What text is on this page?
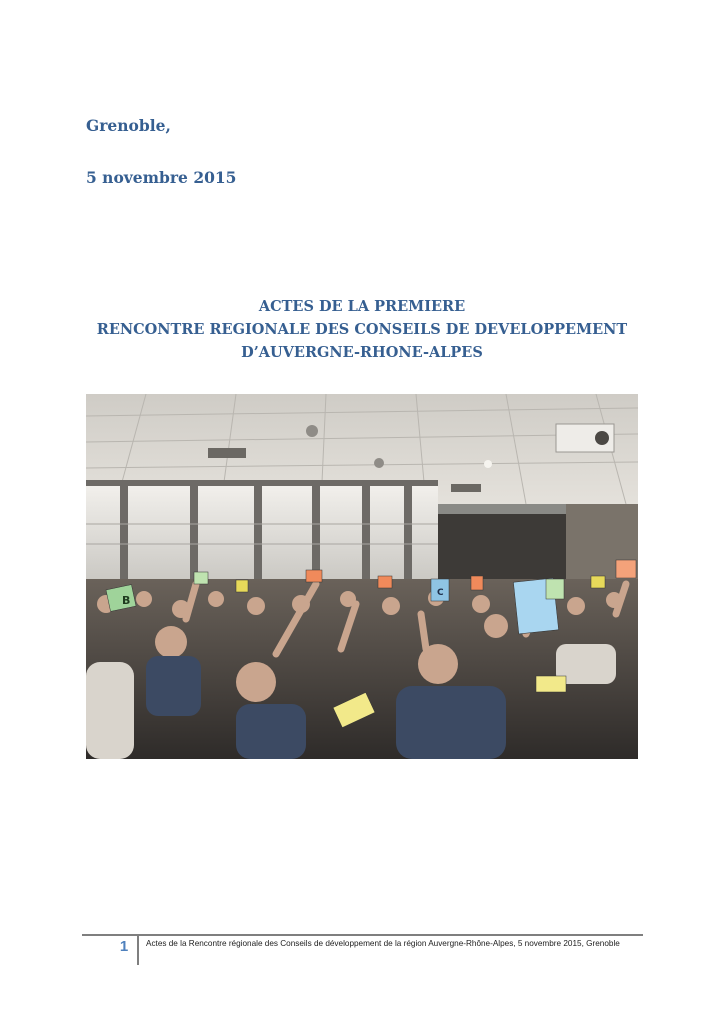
Grenoble,

5 novembre 2015

ACTES DE LA PREMIERE
RENCONTRE REGIONALE DES CONSEILS DE DEVELOPPEMENT
D’AUVERGNE-RHONE-ALPES
B
C
1	Actes de la Rencontre régionale des Conseils de développement de la région Auvergne-Rhône-Alpes, 5 novembre 2015, Grenoble
